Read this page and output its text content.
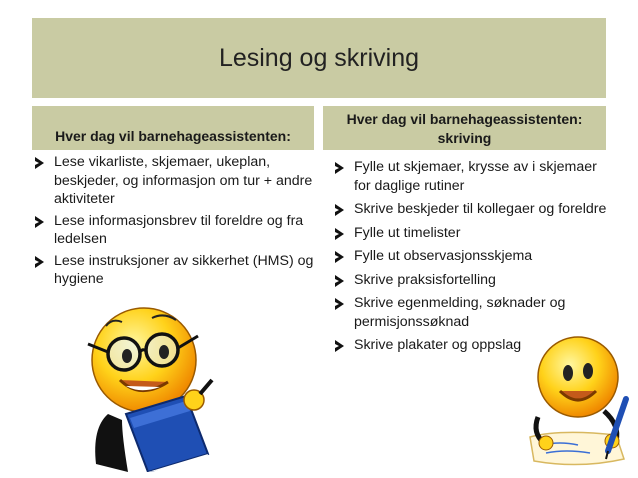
Lesing og skriving
Hver dag vil barnehageassistenten:
Hver dag vil barnehageassistenten:
skriving
Lese vikarliste, skjemaer, ukeplan, beskjeder, og informasjon om tur + andre aktiviteter
Lese informasjonsbrev til foreldre og fra ledelsen
Lese instruksjoner av sikkerhet (HMS) og hygiene
Fylle ut skjemaer, krysse av i skjemaer for daglige rutiner
Skrive beskjeder til kollegaer og foreldre
Fylle ut timelister
Fylle ut observasjonsskjema
Skrive praksisfortelling
Skrive egenmelding, søknader og permisjonssøknad
Skrive plakater og oppslag
